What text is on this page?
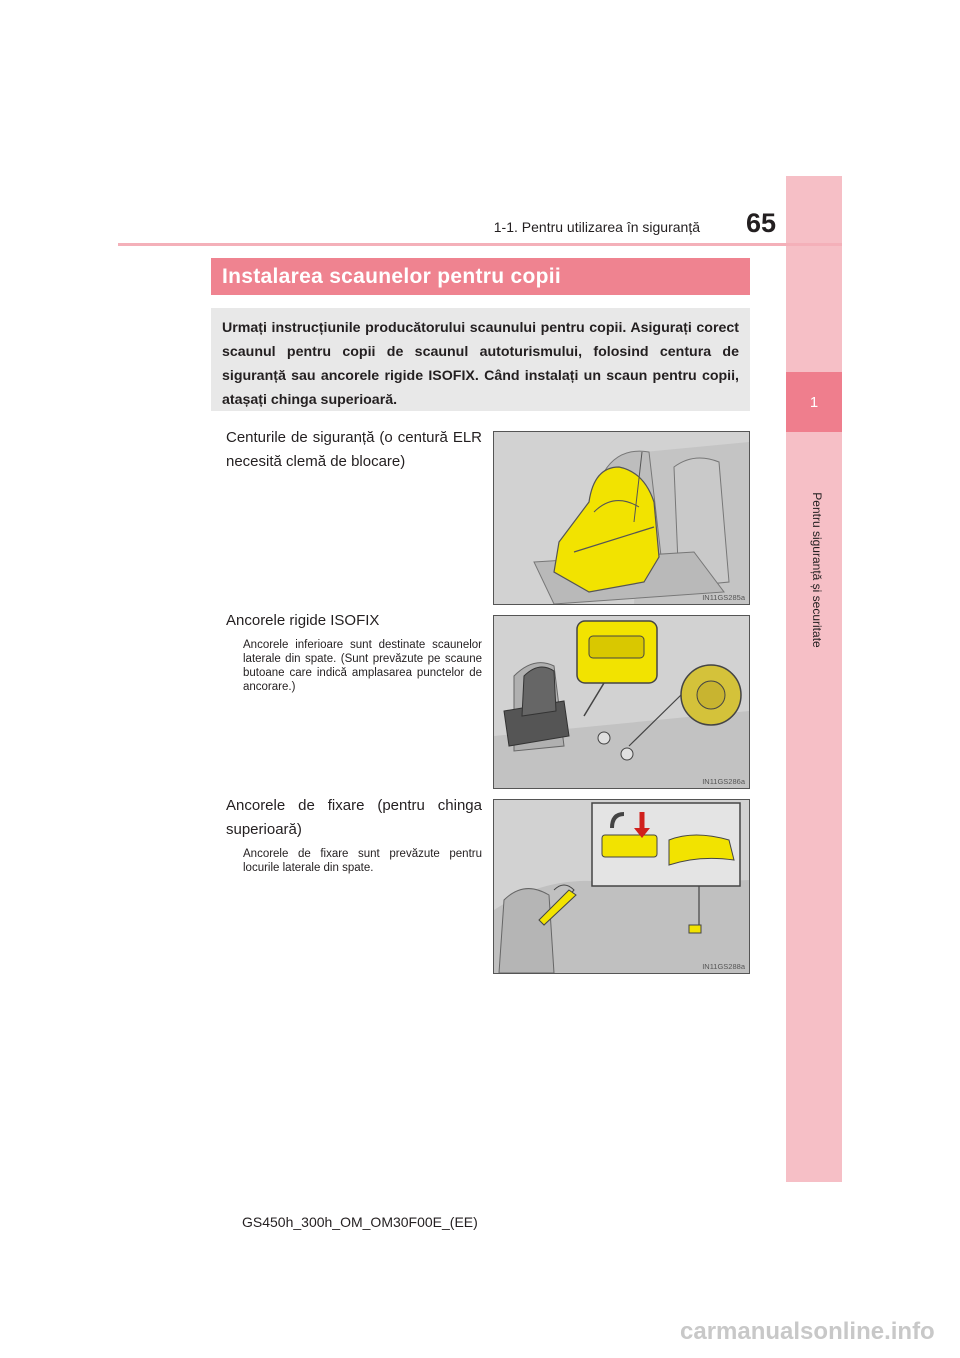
1
Pentru siguranță și securitate
1-1. Pentru utilizarea în siguranță	65
Instalarea scaunelor pentru copii
Urmați instrucțiunile producătorului scaunului pentru copii. Asigurați corect scaunul pentru copii de scaunul autoturismului, folosind centura de siguranță sau ancorele rigide ISOFIX. Când instalați un scaun pentru copii, atașați chinga superioară.
Centurile de siguranță (o centură ELR necesită clemă de blocare)
IN11GS285a
Ancorele rigide ISOFIX
Ancorele inferioare sunt destinate scaunelor laterale din spate. (Sunt prevăzute pe scaune butoane care indică amplasarea punctelor de ancorare.)
IN11GS286a
Ancorele de fixare (pentru chinga superioară)
Ancorele de fixare sunt prevăzute pentru locurile laterale din spate.
IN11GS288a
GS450h_300h_OM_OM30F00E_(EE)
carmanualsonline.info
